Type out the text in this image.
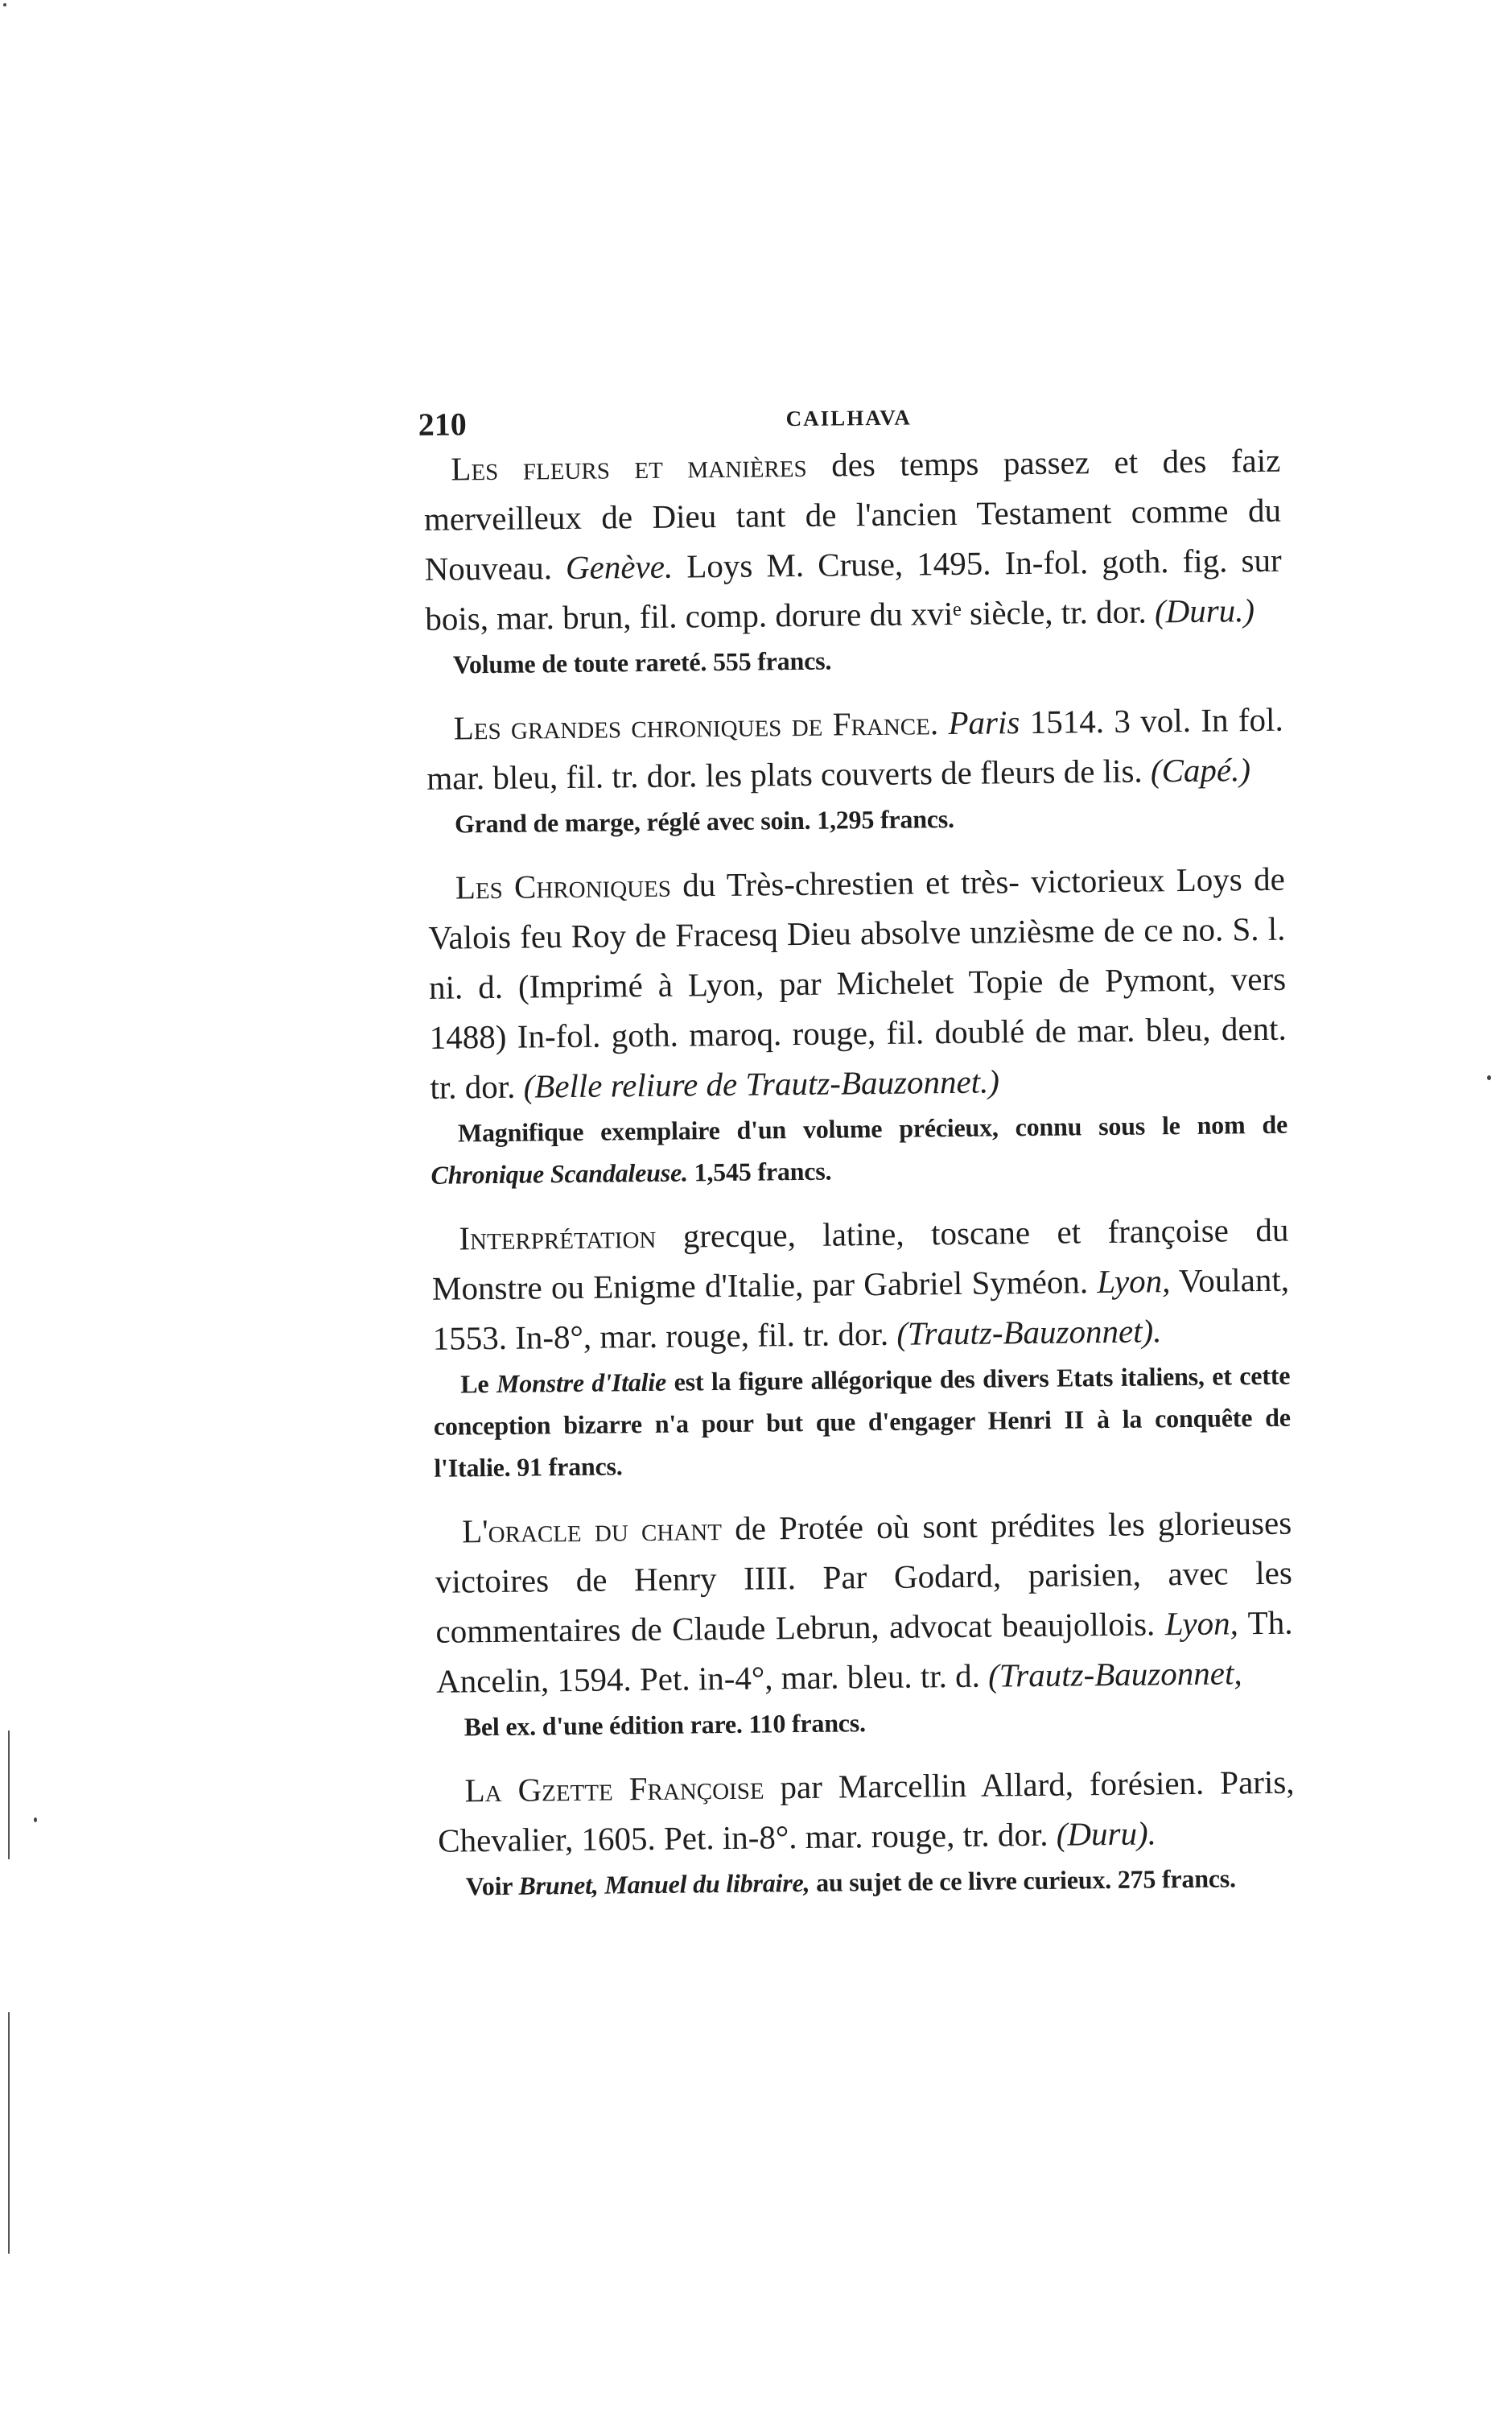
210	CAILHAVA

Les fleurs et manières des temps passez et des faiz merveilleux de Dieu tant de l'ancien Testament comme du Nouveau. Genève. Loys M. Cruse, 1495. In-fol. goth. fig. sur bois, mar. brun, fil. comp. dorure du xviᵉ siècle, tr. dor. (Duru.)

Volume de toute rareté. 555 francs.

Les grandes chroniques de France. Paris 1514. 3 vol. In fol. mar. bleu, fil. tr. dor. les plats couverts de fleurs de lis. (Capé.)

Grand de marge, réglé avec soin. 1,295 francs.

Les Chroniques du Très-chrestien et très- victorieux Loys de Valois feu Roy de Fracesq Dieu absolve unzièsme de ce no. S. l. ni. d. (Imprimé à Lyon, par Michelet Topie de Pymont, vers 1488) In-fol. goth. maroq. rouge, fil. doublé de mar. bleu, dent. tr. dor. (Belle reliure de Trautz-Bauzonnet.)

Magnifique exemplaire d'un volume précieux, connu sous le nom de Chronique Scandaleuse. 1,545 francs.

Interprétation grecque, latine, toscane et françoise du Monstre ou Enigme d'Italie, par Gabriel Syméon. Lyon, Voulant, 1553. In-8°, mar. rouge, fil. tr. dor. (Trautz-Bauzonnet).

Le Monstre d'Italie est la figure allégorique des divers Etats italiens, et cette conception bizarre n'a pour but que d'engager Henri II à la conquête de l'Italie. 91 francs.

L'oracle du chant de Protée où sont prédites les glorieuses victoires de Henry IIII. Par Godard, parisien, avec les commentaires de Claude Lebrun, advocat beaujollois. Lyon, Th. Ancelin, 1594. Pet. in-4°, mar. bleu. tr. d. (Trautz-Bauzonnet,

Bel ex. d'une édition rare. 110 francs.

La Gzette Françoise par Marcellin Allard, forésien. Paris, Chevalier, 1605. Pet. in-8°. mar. rouge, tr. dor. (Duru).

Voir Brunet, Manuel du libraire, au sujet de ce livre curieux. 275 francs.
